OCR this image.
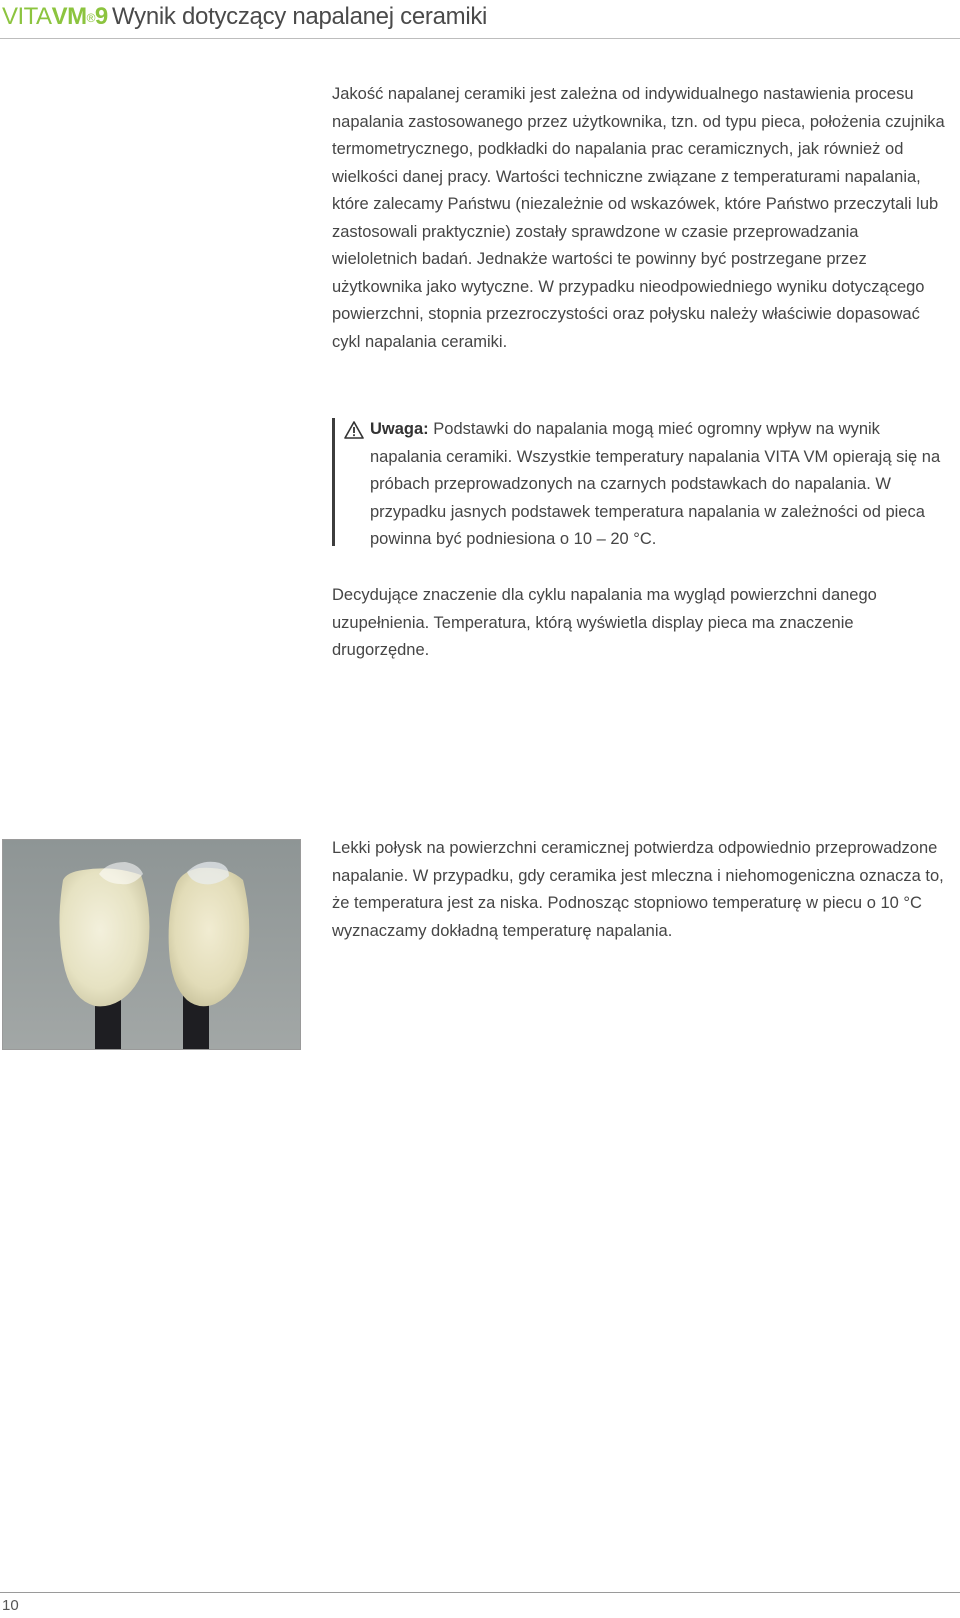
VITAVM®9 Wynik dotyczący napalanej ceramiki
Jakość napalanej ceramiki jest zależna od indywidualnego nastawienia procesu napalania zastosowanego przez użytkownika, tzn. od typu pieca, położenia czujnika termometrycznego, podkładki do napalania prac ceramicznych, jak również od wielkości danej pracy. Wartości techniczne związane z temperaturami napalania, które zalecamy Państwu (niezależnie od wskazówek, które Państwo przeczytali lub zastosowali praktycznie) zostały sprawdzone w czasie przeprowadzania wieloletnich badań. Jednakże wartości te powinny być postrzegane przez użytkownika jako wytyczne. W przypadku nieodpowiedniego wyniku dotyczącego powierzchni, stopnia przezroczystości oraz połysku należy właściwie dopasować cykl napalania ceramiki.
Uwaga: Podstawki do napalania mogą mieć ogromny wpływ na wynik napalania ceramiki. Wszystkie temperatury napalania VITA VM opierają się na próbach przeprowadzonych na czarnych podstawkach do napalania. W przypadku jasnych podstawek temperatura napalania w zależności od pieca powinna być podniesiona o 10 – 20 °C.
Decydujące znaczenie dla cyklu napalania ma wygląd powierzchni danego uzupełnienia. Temperatura, którą wyświetla display pieca ma znaczenie drugorzędne.
Lekki połysk na powierzchni ceramicznej potwierdza odpowiednio przeprowadzone napalanie. W przypadku, gdy ceramika jest mleczna i niehomogeniczna oznacza to, że temperatura jest za niska. Podnosząc stopniowo temperaturę w piecu o 10 °C wyznaczamy dokładną temperaturę napalania.
10
